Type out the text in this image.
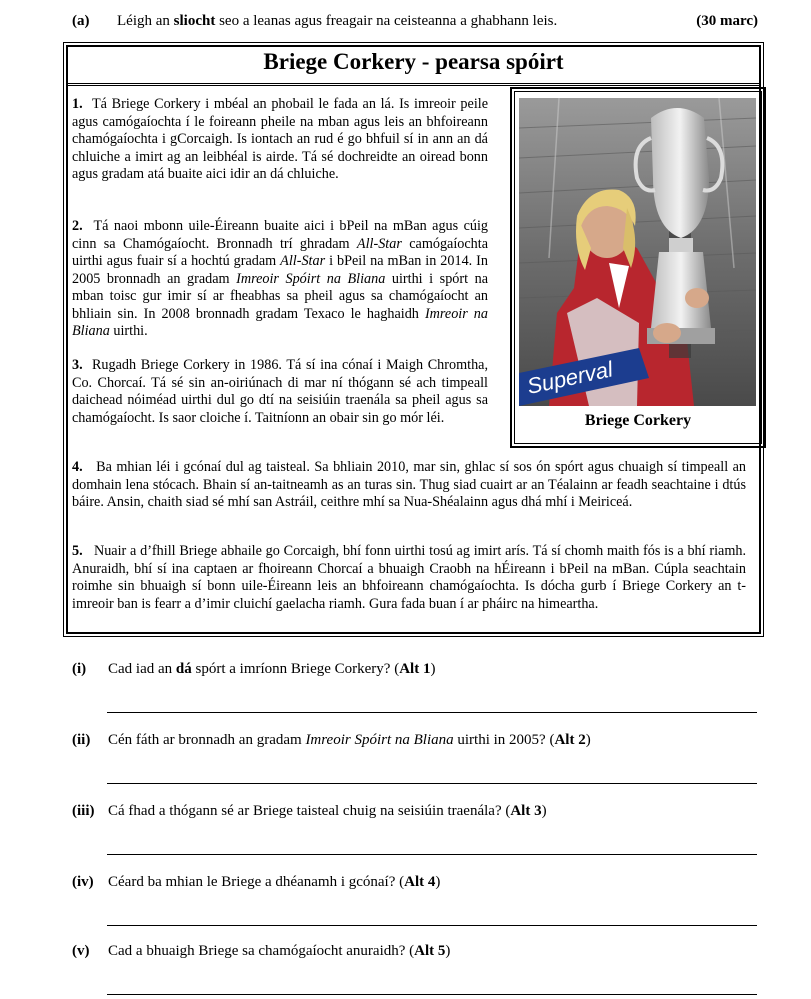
(a) Léigh an sliocht seo a leanas agus freagair na ceisteanna a ghabhann leis.	(30 marc)
Briege Corkery - pearsa spóirt

1. Tá Briege Corkery i mbéal an phobail le fada an lá. Is imreoir peile agus camógaíochta í le foireann pheile na mban agus leis an bhfoireann chamógaíochta i gCorcaigh. Is iontach an rud é go bhfuil sí in ann an dá chluiche a imirt ag an leibhéal is airde. Tá sé dochreidte an oiread bonn agus gradam atá buaite aici idir an dá chluiche.

2. Tá naoi mbonn uile-Éireann buaite aici i bPeil na mBan agus cúig cinn sa Chamógaíocht. Bronnadh trí ghradam All-Star camógaíochta uirthi agus fuair sí a hochtú gradam All-Star i bPeil na mBan in 2014. In 2005 bronnadh an gradam Imreoir Spóirt na Bliana uirthi i spórt na mban toisc gur imir sí ar fheabhas sa pheil agus sa chamógaíocht an bhliain sin. In 2008 bronnadh gradam Texaco le haghaidh Imreoir na Bliana uirthi.

3. Rugadh Briege Corkery in 1986. Tá sí ina cónaí i Maigh Chromtha, Co. Chorcaí. Tá sé sin an-oiriúnach di mar ní thógann sé ach timpeall daichead nóiméad uirthi dul go dtí na seisiúin traenála sa pheil agus sa chamógaíocht. Is saor cloiche í. Taitníonn an obair sin go mór léi.

4. Ba mhian léi i gcónaí dul ag taisteal. Sa bhliain 2010, mar sin, ghlac sí sos ón spórt agus chuaigh sí timpeall an domhain lena stócach. Bhain sí an-taitneamh as an turas sin. Thug siad cuairt ar an Téalainn ar feadh seachtaine i dtús báire. Ansin, chaith siad sé mhí san Astráil, ceithre mhí sa Nua-Shéalainn agus dhá mhí i Meiriceá.

5. Nuair a d’fhill Briege abhaile go Corcaigh, bhí fonn uirthi tosú ag imirt arís. Tá sí chomh maith fós is a bhí riamh. Anuraidh, bhí sí ina captaen ar fhoireann Chorcaí a bhuaigh Craobh na hÉireann i bPeil na mBan. Cúpla seachtain roimhe sin bhuaigh sí bonn uile-Éireann leis an bhfoireann chamógaíochta. Is dócha gurb í Briege Corkery an t-imreoir ban is fearr a d’imir cluichí gaelacha riamh. Gura fada buan í ar pháirc na himeartha.

Superval
Briege Corkery
(i) Cad iad an dá spórt a imríonn Briege Corkery? (Alt 1)
(ii) Cén fáth ar bronnadh an gradam Imreoir Spóirt na Bliana uirthi in 2005? (Alt 2)
(iii) Cá fhad a thógann sé ar Briege taisteal chuig na seisiúin traenála? (Alt 3)
(iv) Céard ba mhian le Briege a dhéanamh i gcónaí? (Alt 4)
(v) Cad a bhuaigh Briege sa chamógaíocht anuraidh? (Alt 5)
